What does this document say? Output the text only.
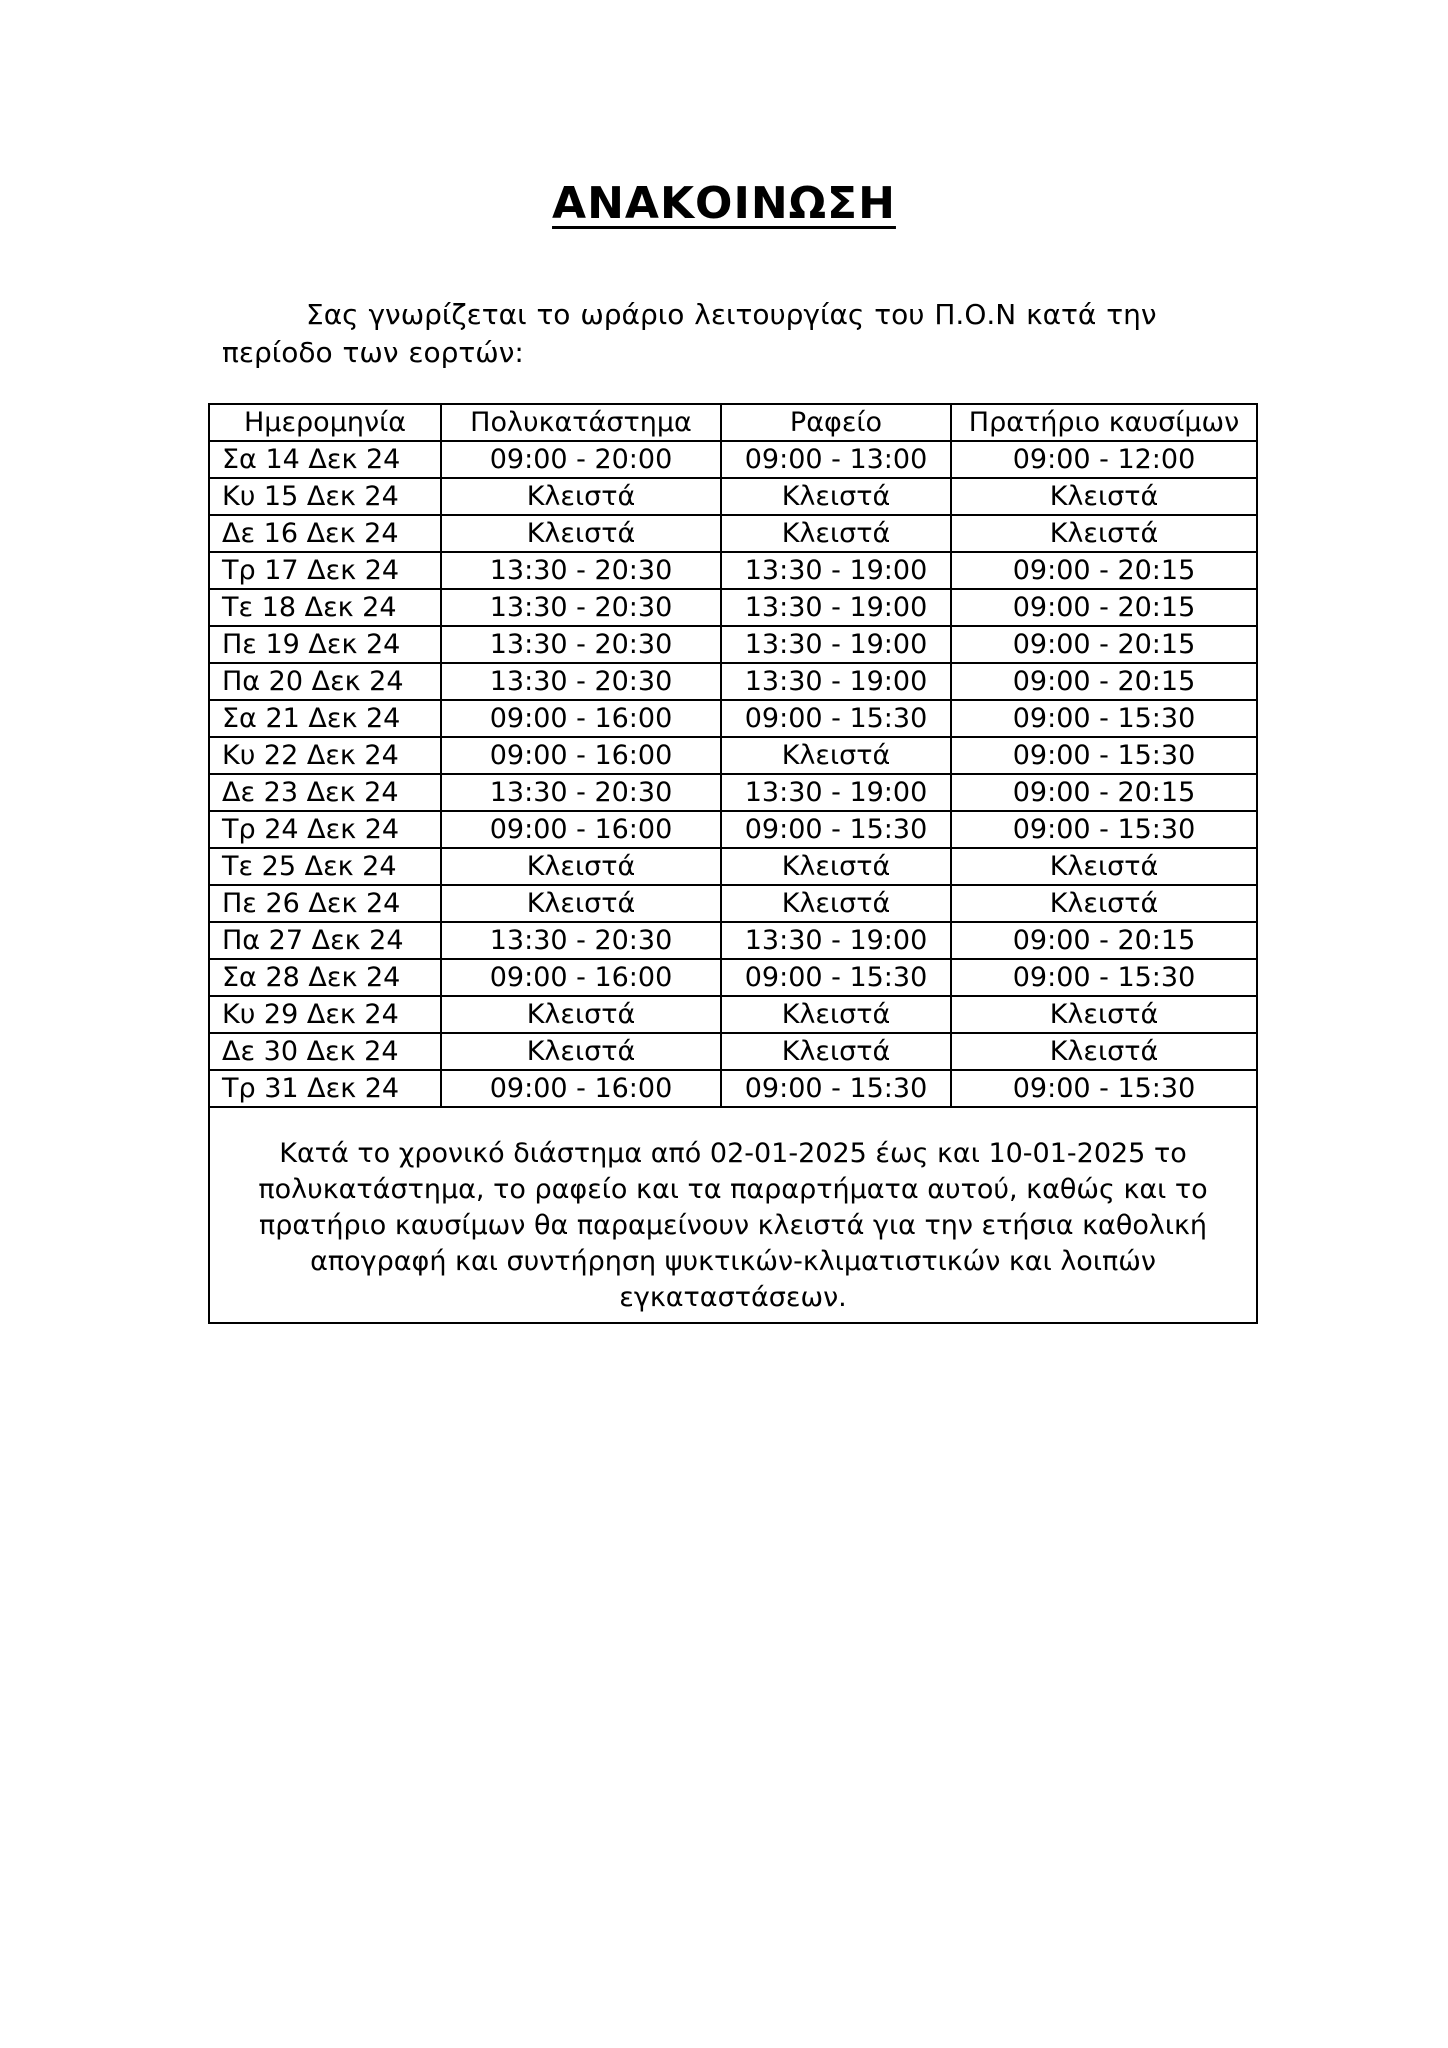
ΑΝΑΚΟΙΝΩΣΗ
Σας γνωρίζεται το ωράριο λειτουργίας του Π.Ο.Ν κατά την περίοδο των εορτών:
Ημερομηνία	Πολυκατάστημα	Ραφείο	Πρατήριο καυσίμων
Σα 14 Δεκ 24	09:00 - 20:00	09:00 - 13:00	09:00 - 12:00
Κυ 15 Δεκ 24	Κλειστά	Κλειστά	Κλειστά
Δε 16 Δεκ 24	Κλειστά	Κλειστά	Κλειστά
Τρ 17 Δεκ 24	13:30 - 20:30	13:30 - 19:00	09:00 - 20:15
Τε 18 Δεκ 24	13:30 - 20:30	13:30 - 19:00	09:00 - 20:15
Πε 19 Δεκ 24	13:30 - 20:30	13:30 - 19:00	09:00 - 20:15
Πα 20 Δεκ 24	13:30 - 20:30	13:30 - 19:00	09:00 - 20:15
Σα 21 Δεκ 24	09:00 - 16:00	09:00 - 15:30	09:00 - 15:30
Κυ 22 Δεκ 24	09:00 - 16:00	Κλειστά	09:00 - 15:30
Δε 23 Δεκ 24	13:30 - 20:30	13:30 - 19:00	09:00 - 20:15
Τρ 24 Δεκ 24	09:00 - 16:00	09:00 - 15:30	09:00 - 15:30
Τε 25 Δεκ 24	Κλειστά	Κλειστά	Κλειστά
Πε 26 Δεκ 24	Κλειστά	Κλειστά	Κλειστά
Πα 27 Δεκ 24	13:30 - 20:30	13:30 - 19:00	09:00 - 20:15
Σα 28 Δεκ 24	09:00 - 16:00	09:00 - 15:30	09:00 - 15:30
Κυ 29 Δεκ 24	Κλειστά	Κλειστά	Κλειστά
Δε 30 Δεκ 24	Κλειστά	Κλειστά	Κλειστά
Τρ 31 Δεκ 24	09:00 - 16:00	09:00 - 15:30	09:00 - 15:30
Κατά το χρονικό διάστημα από 02-01-2025 έως και 10-01-2025 το πολυκατάστημα, το ραφείο και τα παραρτήματα αυτού, καθώς και το πρατήριο καυσίμων θα παραμείνουν κλειστά για την ετήσια καθολική απογραφή και συντήρηση ψυκτικών-κλιματιστικών και λοιπών εγκαταστάσεων.			
